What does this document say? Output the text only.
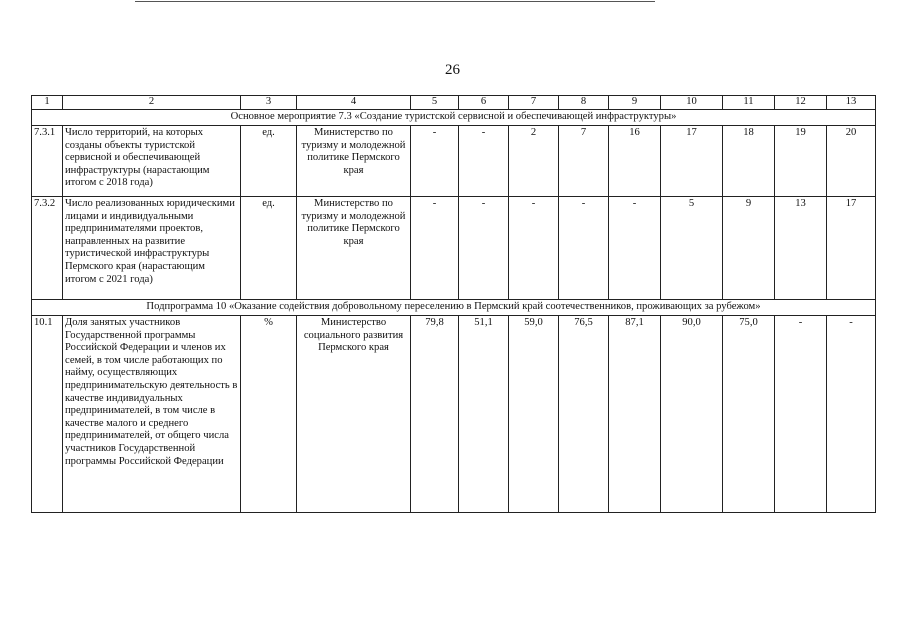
26
1	2	3	4	5	6	7	8	9	10	11	12	13
Основное мероприятие 7.3 «Создание туристской сервисной и обеспечивающей инфраструктуры»												
7.3.1	Число территорий, на которых созданы объекты туристской сервисной и обеспечивающей инфраструктуры (нарастающим итогом с 2018 года)	ед.	Министерство по туризму и молодежной политике Пермского края	-	-	2	7	16	17	18	19	20
7.3.2	Число реализованных юридическими лицами и индивидуальными предпринимателями проектов, направленных на развитие туристической инфраструктуры Пермского края (нарастающим итогом с 2021 года)	ед.	Министерство по туризму и молодежной политике Пермского края	-	-	-	-	-	5	9	13	17
Подпрограмма 10 «Оказание содействия добровольному переселению в Пермский край соотечественников, проживающих за рубежом»												
10.1	Доля занятых участников Государственной программы Российской Федерации и членов их семей, в том числе работающих по найму, осуществляющих предпринимательскую деятельность в качестве индивидуальных предпринимателей, в том числе в качестве малого и среднего предпринимателей, от общего числа участников Государственной программы Российской Федерации	%	Министерство социального развития Пермского края	79,8	51,1	59,0	76,5	87,1	90,0	75,0	-	-
